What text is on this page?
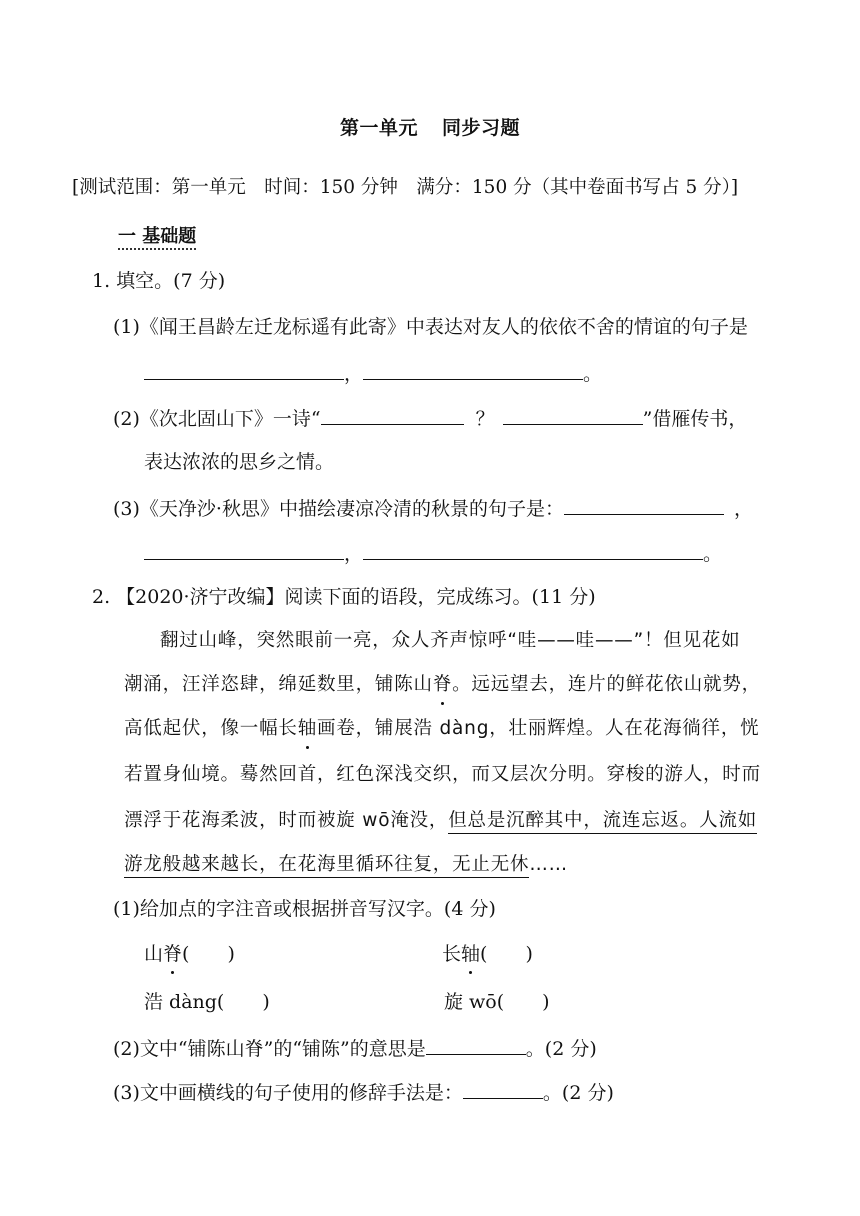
第一单元 同步习题
[测试范围：第一单元　时间：150 分钟　满分：150 分（其中卷面书写占 5 分）]
一 基础题
1. 填空。(7 分)
(1)《闻王昌龄左迁龙标遥有此寄》中表达对友人的依依不舍的情谊的句子是
，	。
(2)《次北固山下》一诗“	？	”借雁传书，
表达浓浓的思乡之情。
(3)《天净沙·秋思》中描绘凄凉冷清的秋景的句子是：	，
，	。
2. 【2020·济宁改编】阅读下面的语段，完成练习。(11 分)
翻过山峰，突然眼前一亮，众人齐声惊呼“哇——哇——”！但见花如
潮涌，汪洋恣肆，绵延数里，铺陈山脊。远远望去，连片的鲜花依山就势，
高低起伏，像一幅长轴画卷，铺展浩 dàng，壮丽辉煌。人在花海徜徉，恍
若置身仙境。蓦然回首，红色深浅交织，而又层次分明。穿梭的游人，时而
漂浮于花海柔波，时而被旋 wō淹没，但总是沉醉其中，流连忘返。人流如
游龙般越来越长，在花海里循环往复，无止无休……
(1)给加点的字注音或根据拼音写汉字。(4 分)
山脊(　　)	长轴(　　)
浩 dàng(　　)	旋 wō(　　)
(2)文中“铺陈山脊”的“铺陈”的意思是	。(2 分)
(3)文中画横线的句子使用的修辞手法是：	。(2 分)
